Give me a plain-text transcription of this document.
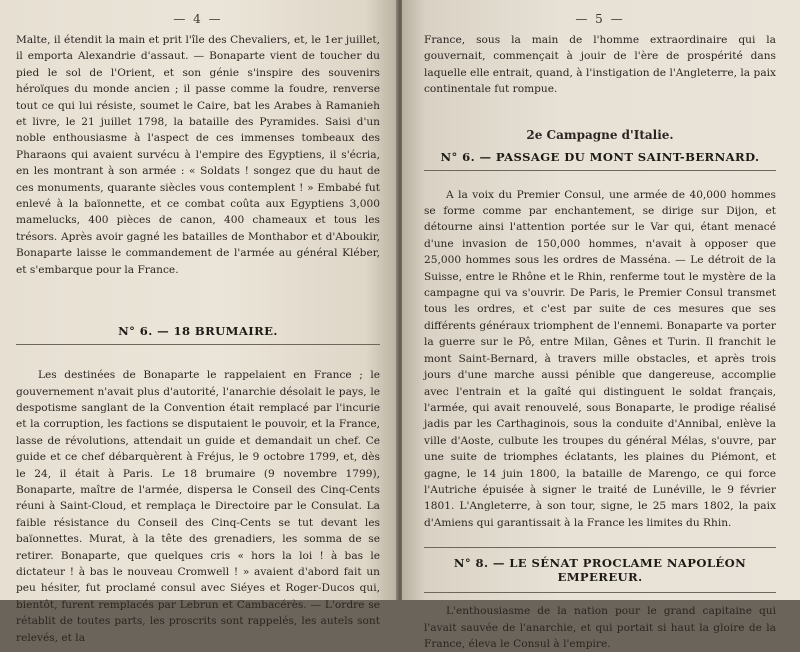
— 4 —

Malte, il étendit la main et prit l'île des Chevaliers, et, le 1er juillet, il emporta Alexandrie d'assaut. — Bonaparte vient de toucher du pied le sol de l'Orient, et son génie s'inspire des souvenirs héroïques du monde ancien ; il passe comme la foudre, renverse tout ce qui lui résiste, soumet le Caire, bat les Arabes à Ramanieh et livre, le 21 juillet 1798, la bataille des Pyramides. Saisi d'un noble enthousiasme à l'aspect de ces immenses tombeaux des Pharaons qui avaient survécu à l'empire des Egyptiens, il s'écria, en les montrant à son armée : « Soldats ! songez que du haut de ces monuments, quarante siècles vous contemplent ! » Embabé fut enlevé à la baïonnette, et ce combat coûta aux Egyptiens 3,000 mamelucks, 400 pièces de canon, 400 chameaux et tous les trésors. Après avoir gagné les batailles de Monthabor et d'Aboukir, Bonaparte laisse le commandement de l'armée au général Kléber, et s'embarque pour la France.

N° 6. — 18 BRUMAIRE.

Les destinées de Bonaparte le rappelaient en France ; le gouvernement n'avait plus d'autorité, l'anarchie désolait le pays, le despotisme sanglant de la Convention était remplacé par l'incurie et la corruption, les factions se disputaient le pouvoir, et la France, lasse de révolutions, attendait un guide et demandait un chef. Ce guide et ce chef débarquèrent à Fréjus, le 9 octobre 1799, et, dès le 24, il était à Paris. Le 18 brumaire (9 novembre 1799), Bonaparte, maître de l'armée, dispersa le Conseil des Cinq-Cents réuni à Saint-Cloud, et remplaça le Directoire par le Consulat. La faible résistance du Conseil des Cinq-Cents se tut devant les baïonnettes. Murat, à la tête des grenadiers, les somma de se retirer. Bonaparte, que quelques cris « hors la loi ! à bas le dictateur ! à bas le nouveau Cromwell ! » avaient d'abord fait un peu hésiter, fut proclamé consul avec Siéyes et Roger-Ducos qui, bientôt, furent remplacés par Lebrun et Cambacérès. — L'ordre se rétablit de toutes parts, les proscrits sont rappelés, les autels sont relevés, et la

— 5 —

France, sous la main de l'homme extraordinaire qui la gouvernait, commençait à jouir de l'ère de prospérité dans laquelle elle entrait, quand, à l'instigation de l'Angleterre, la paix continentale fut rompue.

2e Campagne d'Italie.
N° 6. — PASSAGE DU MONT SAINT-BERNARD.

A la voix du Premier Consul, une armée de 40,000 hommes se forme comme par enchantement, se dirige sur Dijon, et détourne ainsi l'attention portée sur le Var qui, étant menacé d'une invasion de 150,000 hommes, n'avait à opposer que 25,000 hommes sous les ordres de Masséna. — Le détroit de la Suisse, entre le Rhône et le Rhin, renferme tout le mystère de la campagne qui va s'ouvrir. De Paris, le Premier Consul transmet tous les ordres, et c'est par suite de ces mesures que ses différents généraux triomphent de l'ennemi. Bonaparte va porter la guerre sur le Pô, entre Milan, Gênes et Turin. Il franchit le mont Saint-Bernard, à travers mille obstacles, et après trois jours d'une marche aussi pénible que dangereuse, accomplie avec l'entrain et la gaîté qui distinguent le soldat français, l'armée, qui avait renouvelé, sous Bonaparte, le prodige réalisé jadis par les Carthaginois, sous la conduite d'Annibal, enlève la ville d'Aoste, culbute les troupes du général Mélas, s'ouvre, par une suite de triomphes éclatants, les plaines du Piémont, et gagne, le 14 juin 1800, la bataille de Marengo, ce qui force l'Autriche épuisée à signer le traité de Lunéville, le 9 février 1801. L'Angleterre, à son tour, signe, le 25 mars 1802, la paix d'Amiens qui garantissait à la France les limites du Rhin.

N° 8. — LE SÉNAT PROCLAME NAPOLÉON EMPEREUR.

L'enthousiasme de la nation pour le grand capitaine qui l'avait sauvée de l'anarchie, et qui portait si haut la gloire de la France, éleva le Consul à l'empire.
